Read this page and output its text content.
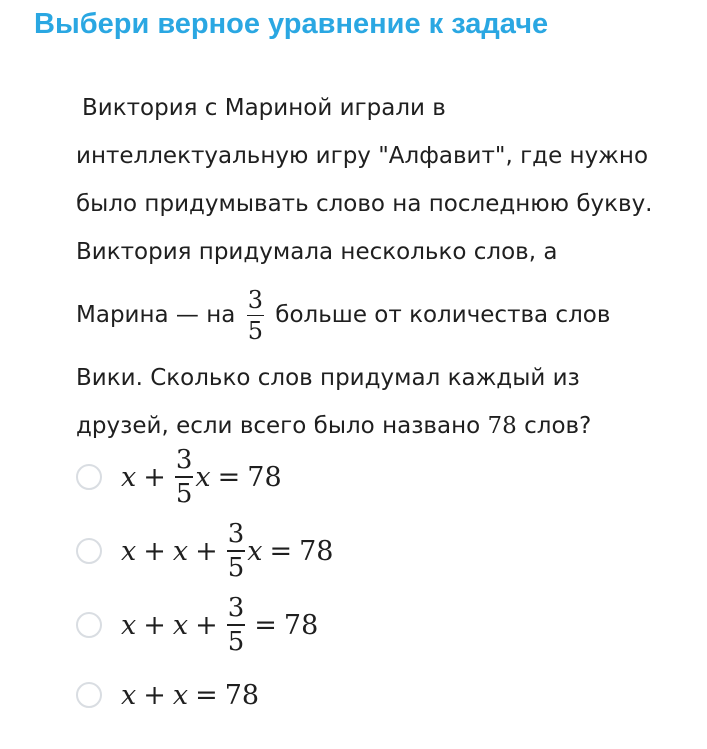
Выбери верное уравнение к задаче
Виктория с Мариной играли в
интеллектуальную игру "Алфавит", где нужно
было придумывать слово на последнюю букву.
Виктория придумала несколько слов, а
Марина — на $\frac{3}{5}$ больше от количества слов
Вики. Сколько слов придумал каждый из
друзей, если всего было названо 78 слов?
$x + \frac{3}{5}$ x = 78
$x + x + \frac{3}{5}$ x = 78
$x + x + \frac{3}{5} = 78$
x + x = 78
